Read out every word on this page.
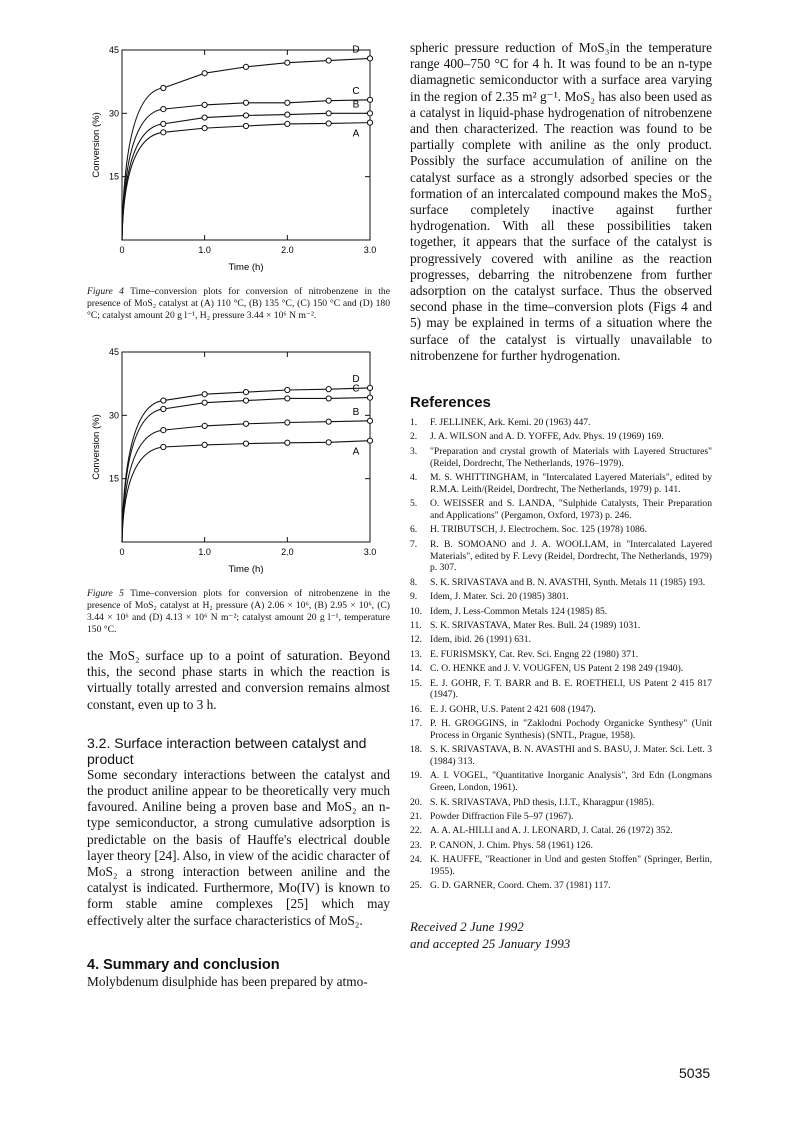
0	1.0	2.0	3.0
15
30
45
Time (h)
Conversion (%)	A
B
C
D
Figure 4 Time–conversion plots for conversion of nitrobenzene in the presence of MoS₂ catalyst at (A) 110 °C, (B) 135 °C, (C) 150 °C and (D) 180 °C; catalyst amount 20 g l⁻¹, H₂ pressure 3.44 × 10⁶ N m⁻².
0	1.0	2.0	3.0
15
30
45
Time (h)
Conversion (%)	A
B
C
D
Figure 5 Time–conversion plots for conversion of nitrobenzene in the presence of MoS₂ catalyst at H₂ pressure (A) 2.06 × 10⁶, (B) 2.95 × 10⁶, (C) 3.44 × 10⁶ and (D) 4.13 × 10⁶ N m⁻²; catalyst amount 20 g l⁻¹, temperature 150 °C.

the MoS₂ surface up to a point of saturation. Beyond this, the second phase starts in which the reaction is virtually totally arrested and conversion remains almost constant, even up to 3 h.

3.2. Surface interaction between catalyst and product

Some secondary interactions between the catalyst and the product aniline appear to be theoretically very much favoured. Aniline being a proven base and MoS₂ an n-type semiconductor, a strong cumulative adsorption is predictable on the basis of Hauffe's electrical double layer theory [24]. Also, in view of the acidic character of MoS₂ a strong interaction between aniline and the catalyst is indicated. Furthermore, Mo(IV) is known to form stable amine complexes [25] which may effectively alter the surface characteristics of MoS₂.

4. Summary and conclusion

Molybdenum disulphide has been prepared by atmo-

spheric pressure reduction of MoS₃in the temperature range 400–750 °C for 4 h. It was found to be an n-type diamagnetic semiconductor with a surface area varying in the region of 2.35 m² g⁻¹. MoS₂ has also been used as a catalyst in liquid-phase hydrogenation of nitrobenzene and then characterized. The reaction was found to be partially complete with aniline as the only product. Possibly the surface accumulation of aniline on the catalyst surface as a strongly adsorbed species or the formation of an intercalated compound makes the MoS₂ surface completely inactive against further hydrogenation. With all these possibilities taken together, it appears that the surface of the catalyst is progressively covered with aniline as the reaction progresses, debarring the nitrobenzene from further adsorption on the catalyst surface. Thus the observed second phase in the time–conversion plots (Figs 4 and 5) may be explained in terms of a situation where the surface of the catalyst is virtually unavailable to nitrobenzene for further hydrogenation.

References
1.	F. JELLINEK, Ark. Kemi. 20 (1963) 447.
2.	J. A. WILSON and A. D. YOFFE, Adv. Phys. 19 (1969) 169.
3.	"Preparation and crystal growth of Materials with Layered Structures" (Reidel, Dordrecht, The Netherlands, 1976–1979).
4.	M. S. WHITTINGHAM, in "Intercalated Layered Materials", edited by R.M.A. Leith/(Reidel, Dordrecht, The Netherlands, 1979) p. 141.
5.	O. WEISSER and S. LANDA, "Sulphide Catalysts, Their Preparation and Applications" (Pergamon, Oxford, 1973) p. 246.
6.	H. TRIBUTSCH, J. Electrochem. Soc. 125 (1978) 1086.
7.	R. B. SOMOANO and J. A. WOOLLAM, in "Intercalated Layered Materials", edited by F. Levy (Reidel, Dordrecht, The Netherlands, 1979) p. 307.
8.	S. K. SRIVASTAVA and B. N. AVASTHI, Synth. Metals 11 (1985) 193.
9.	Idem, J. Mater. Sci. 20 (1985) 3801.
10. Idem, J. Less-Common Metals 124 (1985) 85.
11. S. K. SRIVASTAVA, Mater Res. Bull. 24 (1989) 1031.
12. Idem, ibid. 26 (1991) 631.
13. E. FURISMSKY, Cat. Rev. Sci. Engng 22 (1980) 371.
14. C. O. HENKE and J. V. VOUGFEN, US Patent 2 198 249 (1940).
15. E. J. GOHR, F. T. BARR and B. E. ROETHELI, US Patent 2 415 817 (1947).
16. E. J. GOHR, U.S. Patent 2 421 608 (1947).
17. P. H. GROGGINS, in "Zaklodni Pochody Organicke Synthesy" (Unit Process in Organic Synthesis) (SNTL, Prague, 1958).
18. S. K. SRIVASTAVA, B. N. AVASTHI and S. BASU, J. Mater. Sci. Lett. 3 (1984) 313.
19. A. I. VOGEL, "Quantitative Inorganic Analysis", 3rd Edn (Longmans Green, London, 1961).
20. S. K. SRIVASTAVA, PhD thesis, I.I.T., Kharagpur (1985).
21. Powder Diffraction File 5–97 (1967).
22. A. A. AL-HILLI and A. J. LEONARD, J. Catal. 26 (1972) 352.
23. P. CANON, J. Chim. Phys. 58 (1961) 126.
24. K. HAUFFE, "Reactioner in Und and gesten Stoffen" (Springer, Berlin, 1955).
25. G. D. GARNER, Coord. Chem. 37 (1981) 117.
Received 2 June 1992
and accepted 25 January 1993
5035
